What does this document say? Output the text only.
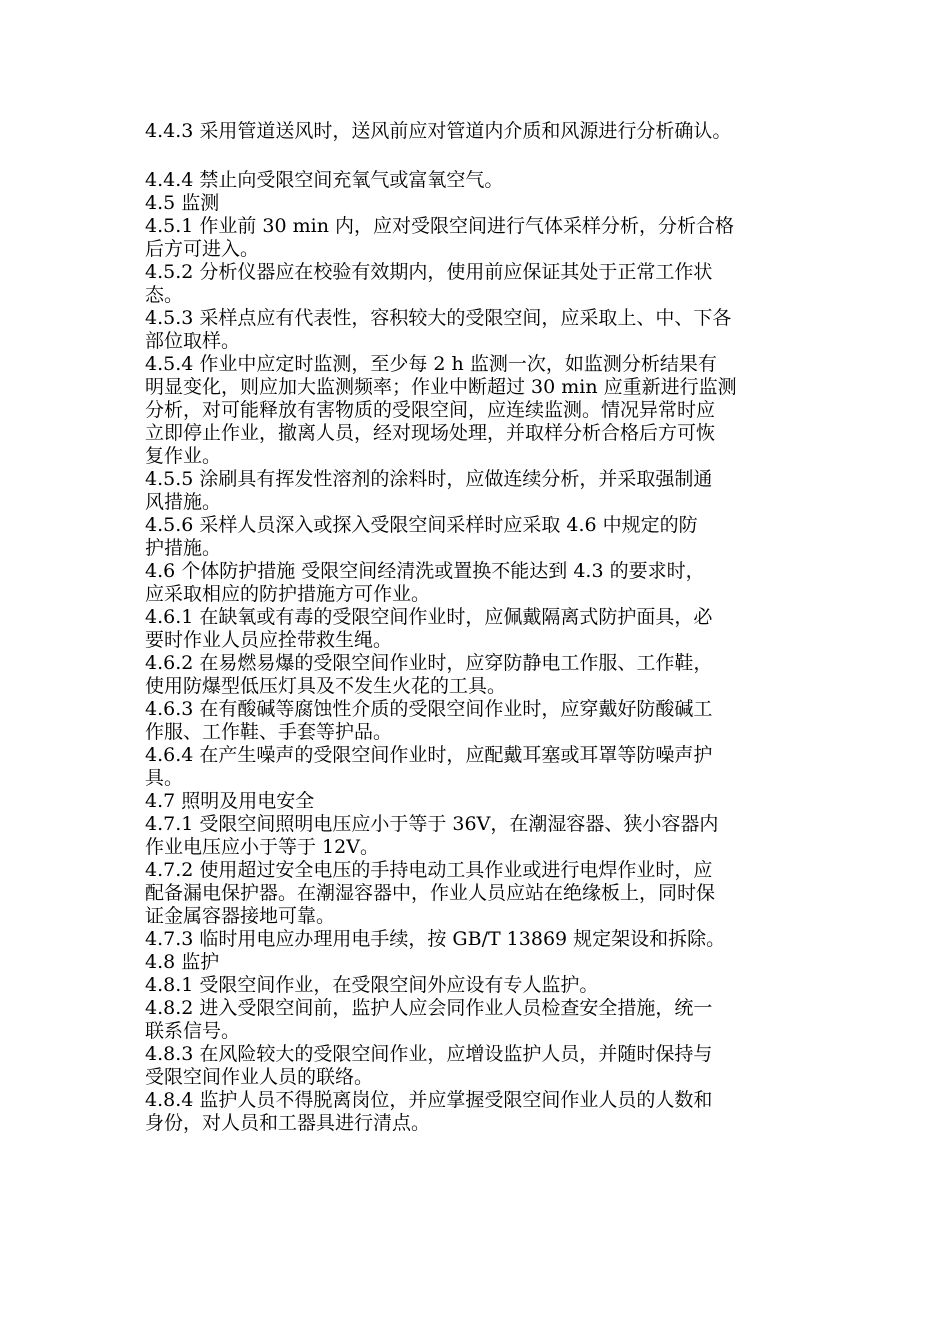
4.4.3 采用管道送风时，送风前应对管道内介质和风源进行分析确认。

4.4.4 禁止向受限空间充氧气或富氧空气。

4.5 监测

4.5.1 作业前 30 min 内，应对受限空间进行气体采样分析，分析合格

后方可进入。

4.5.2 分析仪器应在校验有效期内，使用前应保证其处于正常工作状

态。

4.5.3 采样点应有代表性，容积较大的受限空间，应采取上、中、下各

部位取样。

4.5.4 作业中应定时监测，至少每 2 h 监测一次，如监测分析结果有

明显变化，则应加大监测频率；作业中断超过 30 min 应重新进行监测

分析，对可能释放有害物质的受限空间，应连续监测。情况异常时应

立即停止作业，撤离人员，经对现场处理，并取样分析合格后方可恢

复作业。

4.5.5 涂刷具有挥发性溶剂的涂料时，应做连续分析，并采取强制通

风措施。

4.5.6 采样人员深入或探入受限空间采样时应采取 4.6 中规定的防

护措施。

4.6 个体防护措施 受限空间经清洗或置换不能达到 4.3 的要求时，

应采取相应的防护措施方可作业。

4.6.1 在缺氧或有毒的受限空间作业时，应佩戴隔离式防护面具，必

要时作业人员应拴带救生绳。

4.6.2 在易燃易爆的受限空间作业时，应穿防静电工作服、工作鞋，

使用防爆型低压灯具及不发生火花的工具。

4.6.3 在有酸碱等腐蚀性介质的受限空间作业时，应穿戴好防酸碱工

作服、工作鞋、手套等护品。

4.6.4 在产生噪声的受限空间作业时，应配戴耳塞或耳罩等防噪声护

具。

4.7 照明及用电安全

4.7.1 受限空间照明电压应小于等于 36V，在潮湿容器、狭小容器内

作业电压应小于等于 12V。

4.7.2 使用超过安全电压的手持电动工具作业或进行电焊作业时，应

配备漏电保护器。在潮湿容器中，作业人员应站在绝缘板上，同时保

证金属容器接地可靠。

4.7.3 临时用电应办理用电手续，按 GB/T 13869 规定架设和拆除。

4.8 监护

4.8.1 受限空间作业，在受限空间外应设有专人监护。

4.8.2 进入受限空间前，监护人应会同作业人员检查安全措施，统一

联系信号。

4.8.3 在风险较大的受限空间作业，应增设监护人员，并随时保持与

受限空间作业人员的联络。

4.8.4 监护人员不得脱离岗位，并应掌握受限空间作业人员的人数和

身份，对人员和工器具进行清点。
